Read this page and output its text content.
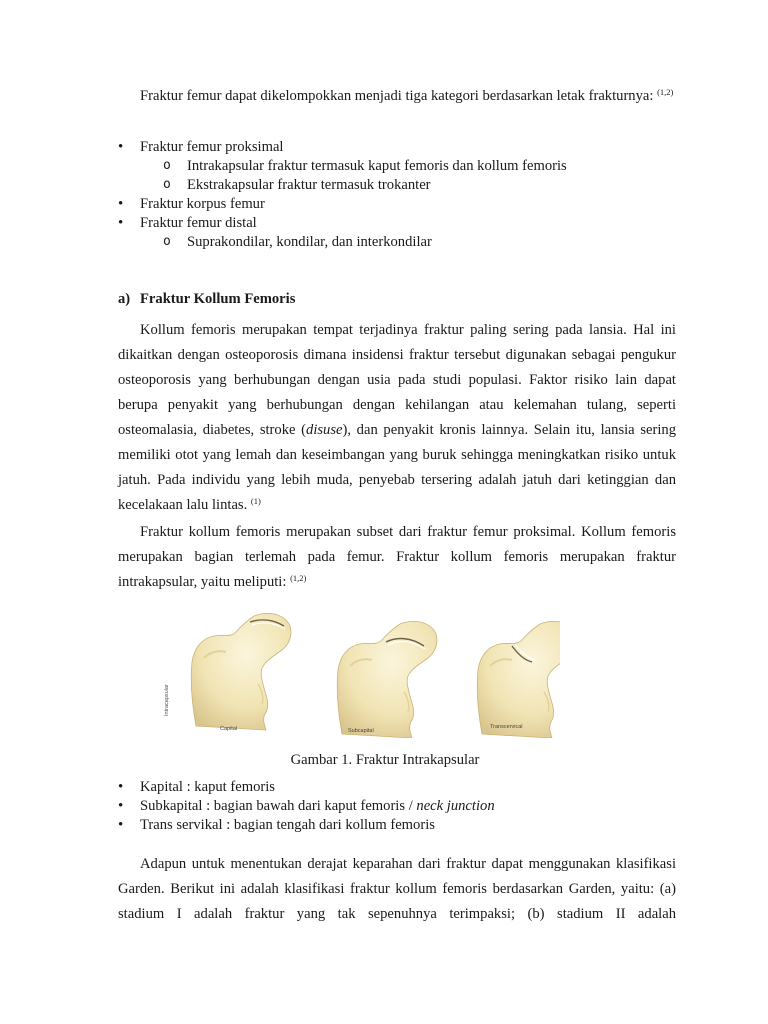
Fraktur femur dapat dikelompokkan menjadi tiga kategori berdasarkan letak frakturnya: $^{(1,2)}$

• Fraktur femur proksimal
o Intrakapsular fraktur termasuk kaput femoris dan kollum femoris
o Ekstrakapsular fraktur termasuk trokanter
• Fraktur korpus femur
• Fraktur femur distal
o Suprakondilar, kondilar, dan interkondilar
a) Fraktur Kollum Femoris

Kollum femoris merupakan tempat terjadinya fraktur paling sering pada lansia. Hal ini dikaitkan dengan osteoporosis dimana insidensi fraktur tersebut digunakan sebagai pengukur osteoporosis yang berhubungan dengan usia pada studi populasi. Faktor risiko lain dapat berupa penyakit yang berhubungan dengan kehilangan atau kelemahan tulang, seperti osteomalasia, diabetes, stroke (disuse), dan penyakit kronis lainnya. Selain itu, lansia sering memiliki otot yang lemah dan keseimbangan yang buruk sehingga meningkatkan risiko untuk jatuh. Pada individu yang lebih muda, penyebab tersering adalah jatuh dari ketinggian dan kecelakaan lalu lintas. $^{(1)}$

Fraktur kollum femoris merupakan subset dari fraktur femur proksimal. Kollum femoris merupakan bagian terlemah pada femur. Fraktur kollum femoris merupakan fraktur intrakapsular, yaitu meliputi: $^{(1,2)}$

Intracapsular
Capital	Subcapital
Transcervical
Gambar 1. Fraktur Intrakapsular
• Kapital : kaput femoris
• Subkapital : bagian bawah dari kaput femoris / neck junction
• Trans servikal : bagian tengah dari kollum femoris

Adapun untuk menentukan derajat keparahan dari fraktur dapat menggunakan klasifikasi Garden. Berikut ini adalah klasifikasi fraktur kollum femoris berdasarkan Garden, yaitu: (a) stadium I adalah fraktur yang tak sepenuhnya terimpaksi; (b) stadium II adalah
